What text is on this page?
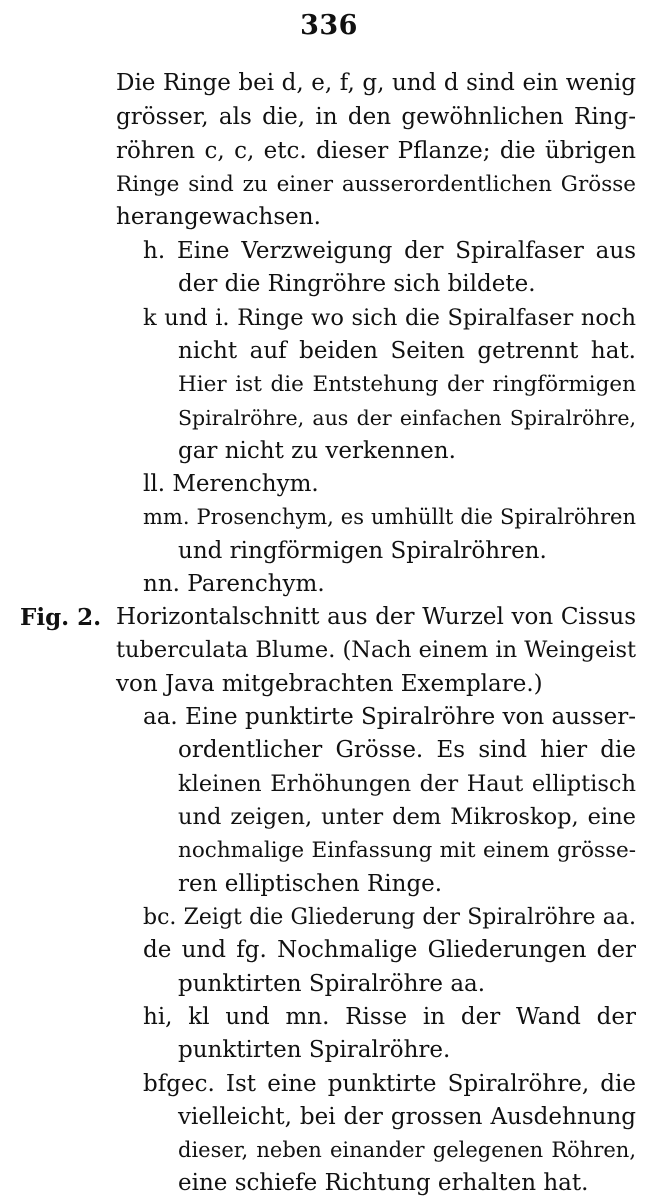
336
Die Ringe bei d, e, f, g, und d sind ein wenig
grösser, als die, in den gewöhnlichen Ring-
röhren c, c, etc. dieser Pflanze; die übrigen
Ringe sind zu einer ausserordentlichen Grösse
herangewachsen.
h. Eine Verzweigung der Spiralfaser aus
der die Ringröhre sich bildete.
k und i. Ringe wo sich die Spiralfaser noch
nicht auf beiden Seiten getrennt hat.
Hier ist die Entstehung der ringförmigen
Spiralröhre, aus der einfachen Spiralröhre,
gar nicht zu verkennen.
ll. Merenchym.
mm. Prosenchym, es umhüllt die Spiralröhren
und ringförmigen Spiralröhren.
nn. Parenchym.
Fig. 2. Horizontalschnitt aus der Wurzel von Cissus
tuberculata Blume. (Nach einem in Weingeist
von Java mitgebrachten Exemplare.)
aa. Eine punktirte Spiralröhre von ausser-
ordentlicher Grösse. Es sind hier die
kleinen Erhöhungen der Haut elliptisch
und zeigen, unter dem Mikroskop, eine
nochmalige Einfassung mit einem grösse-
ren elliptischen Ringe.
bc. Zeigt die Gliederung der Spiralröhre aa.
de und fg. Nochmalige Gliederungen der
punktirten Spiralröhre aa.
hi, kl und mn. Risse in der Wand der
punktirten Spiralröhre.
bfgec. Ist eine punktirte Spiralröhre, die
vielleicht, bei der grossen Ausdehnung
dieser, neben einander gelegenen Röhren,
eine schiefe Richtung erhalten hat.
